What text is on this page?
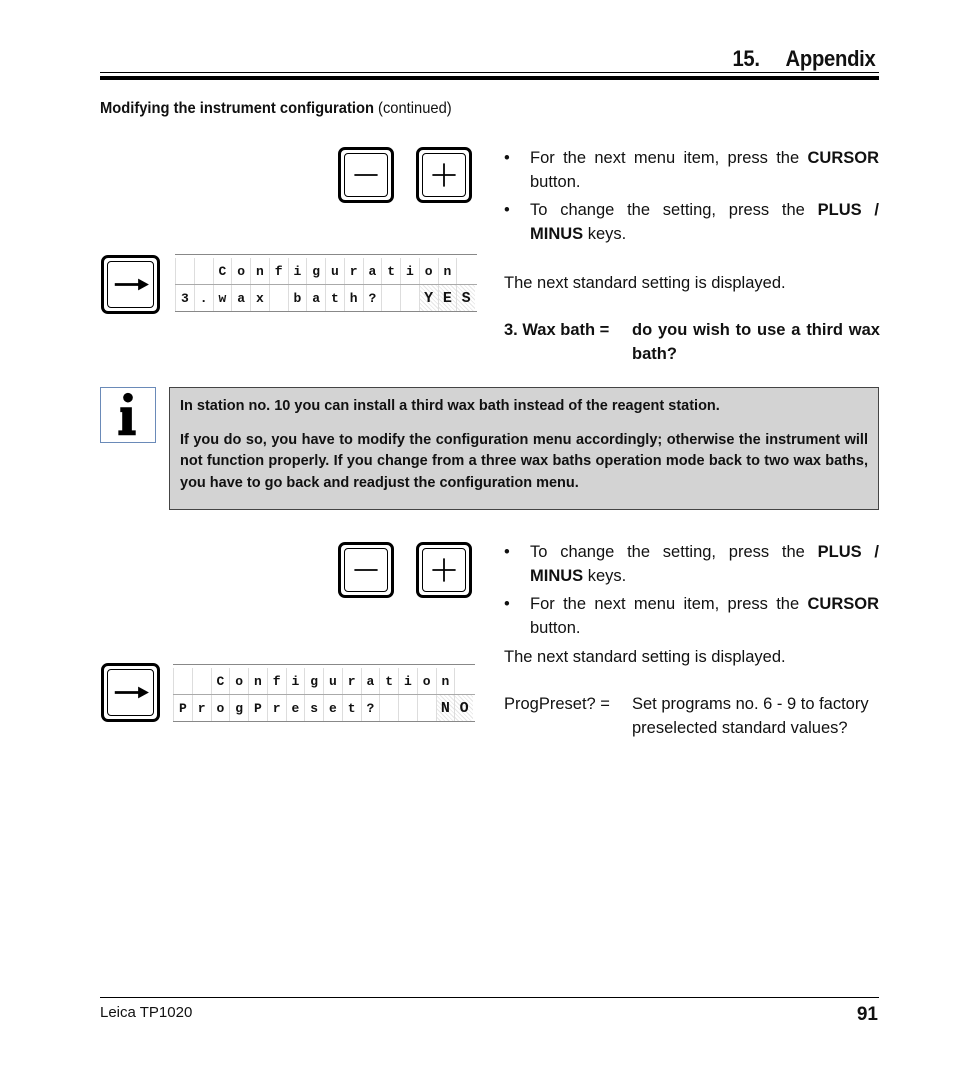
15. Appendix
Modifying the instrument configuration (continued)
C o n f i g u r a t i o n
3 . w a x	b a t h ?	Y E S
• For the next menu item, press the CURSOR button.
• To change the setting, press the PLUS / MINUS keys.
The next standard setting is displayed.
3. Wax bath = do you wish to use a third wax bath?

In station no. 10 you can install a third wax bath instead of the reagent station.

If you do so, you have to modify the configuration menu accordingly; otherwise the instrument will not function properly. If you change from a three wax baths operation mode back to two wax baths, you have to go back and readjust the configuration menu.

C o n f i g u r a t i o n
P r o g P r e s e t ?	N O
• To change the setting, press the PLUS / MINUS keys.
• For the next menu item, press the CURSOR button.
The next standard setting is displayed.
ProgPreset? = Set programs no. 6 - 9 to factory preselected standard values?
Leica TP1020	91
